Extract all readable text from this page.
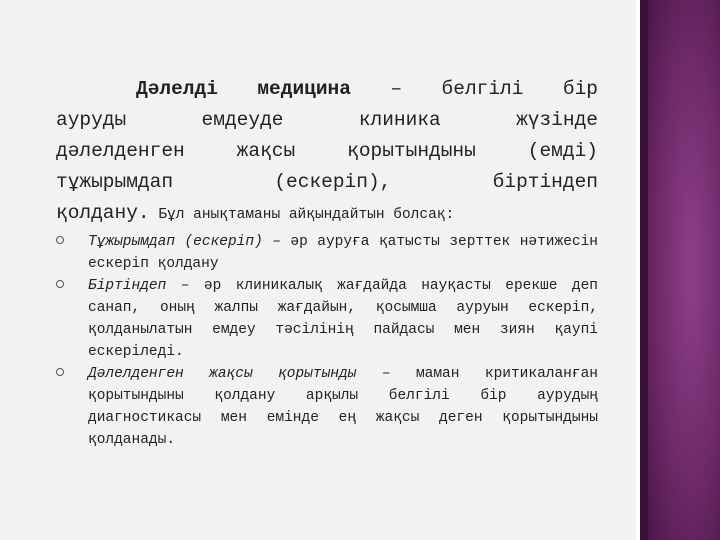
Дәлелді медицина – белгілі бір
ауруды емдеуде клиника жүзінде
дәлелденген жақсы қорытындыны (емді)
тұжырымдап (ескеріп), біртіндеп
қолдану. Бұл анықтаманы айқындайтын болсақ:

Тұжырымдап (ескеріп) – әр ауруға қатысты зерттек нәтижесін ескеріп қолдану
Біртіндеп – әр клиникалық жағдайда науқасты ерекше деп санап, оның жалпы жағдайын, қосымша ауруын ескеріп, қолданылатын емдеу тәсілінің пайдасы мен зиян қаупі ескеріледі.
Дәлелденген жақсы қорытынды – маман критикаланған қорытындыны қолдану арқылы белгілі бір аурудың диагностикасы мен емінде ең жақсы деген қорытындыны қолданады.
